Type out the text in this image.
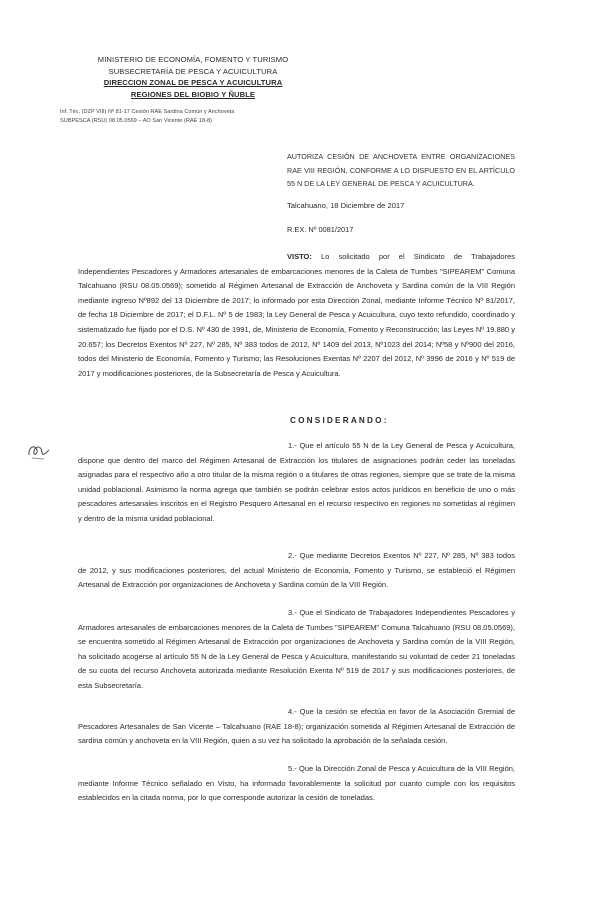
MINISTERIO DE ECONOMÍA, FOMENTO Y TURISMO
SUBSECRETARÍA DE PESCA Y ACUICULTURA
DIRECCION ZONAL DE PESCA Y ACUICULTURA
REGIONES DEL BIOBIO Y ÑUBLE
Inf. Téc. (DZP VIII) Nº 81-17 Cesión RAE Sardina Común y Anchoveta
SUBPESCA (RSU) 08.05.0569 – AO San Vicente (RAE 18-8)
AUTORIZA CESIÓN DE ANCHOVETA ENTRE ORGANIZACIONES RAE VIII REGIÓN, CONFORME A LO DISPUESTO EN EL ARTÍCULO 55 N DE LA LEY GENERAL DE PESCA Y ACUICULTURA.
Talcahuano, 18 Diciembre de 2017
R.EX. Nº 0081/2017
VISTO: Lo solicitado por el Sindicato de Trabajadores Independientes Pescadores y Armadores artesanales de embarcaciones menores de la Caleta de Tumbes "SIPEAREM" Comuna Talcahuano (RSU 08.05.0569); sometido al Régimen Artesanal de Extracción de Anchoveta y Sardina común de la VIII Región mediante ingreso Nº892 del 13 Diciembre de 2017; lo informado por esta Dirección Zonal, mediante Informe Técnico Nº 81/2017, de fecha 18 Diciembre de 2017; el D.F.L. Nº 5 de 1983; la Ley General de Pesca y Acuicultura, cuyo texto refundido, coordinado y sistematizado fue fijado por el D.S. Nº 430 de 1991, de, Ministerio de Economía, Fomento y Reconstrucción; las Leyes Nº 19.880 y 20.657; los Decretos Exentos Nº 227, Nº 285, Nº 383 todos de 2012, Nº 1409 del 2013, Nº1023 del 2014; Nº58 y Nº900 del 2016, todos del Ministerio de Economía, Fomento y Turismo; las Resoluciones Exentas Nº 2207 del 2012, Nº 3996 de 2016 y Nº 519 de 2017 y modificaciones posteriores, de la Subsecretaría de Pesca y Acuicultura.
CONSIDERANDO:
1.- Que el artículo 55 N de la Ley General de Pesca y Acuicultura, dispone que dentro del marco del Régimen Artesanal de Extracción los titulares de asignaciones podrán ceder las toneladas asignadas para el respectivo año a otro titular de la misma región o a titulares de otras regiones, siempre que se trate de la misma unidad poblacional. Asimismo la norma agrega que también se podrán celebrar estos actos jurídicos en beneficio de uno o más pescadores artesanales inscritos en el Registro Pesquero Artesanal en el recurso respectivo en regiones no sometidas al régimen y dentro de la misma unidad poblacional.
2.- Que mediante Decretos Exentos Nº 227, Nº 285, Nº 383 todos de 2012, y sus modificaciones posteriores, del actual Ministerio de Economía, Fomento y Turismo, se estableció el Régimen Artesanal de Extracción por organizaciones de Anchoveta y Sardina común de la VIII Región.
3.- Que el Sindicato de Trabajadores Independientes Pescadores y Armadores artesanales de embarcaciones menores de la Caleta de Tumbes "SIPEAREM" Comuna Talcahuano (RSU 08.05.0569), se encuentra sometido al Régimen Artesanal de Extracción por organizaciones de Anchoveta y Sardina común de la VIII Región, ha solicitado acogerse al artículo 55 N de la Ley General de Pesca y Acuicultura, manifestando su voluntad de ceder 21 toneladas de su cuota del recurso Anchoveta autorizada mediante Resolución Exenta Nº 519 de 2017 y sus modificaciones posteriores, de esta Subsecretaría.
4.- Que la cesión se efectúa en favor de la Asociación Gremial de Pescadores Artesanales de San Vicente – Talcahuano (RAE 18-8); organización sometida al Régimen Artesanal de Extracción de sardina común y anchoveta en la VIII Región, quien a su vez ha solicitado la aprobación de la señalada cesión.
5.- Que la Dirección Zonal de Pesca y Acuicultura de la VIII Región, mediante Informe Técnico señalado en Visto, ha informado favorablemente la solicitud por cuanto cumple con los requisitos establecidos en la citada norma, por lo que corresponde autorizar la cesión de toneladas.
